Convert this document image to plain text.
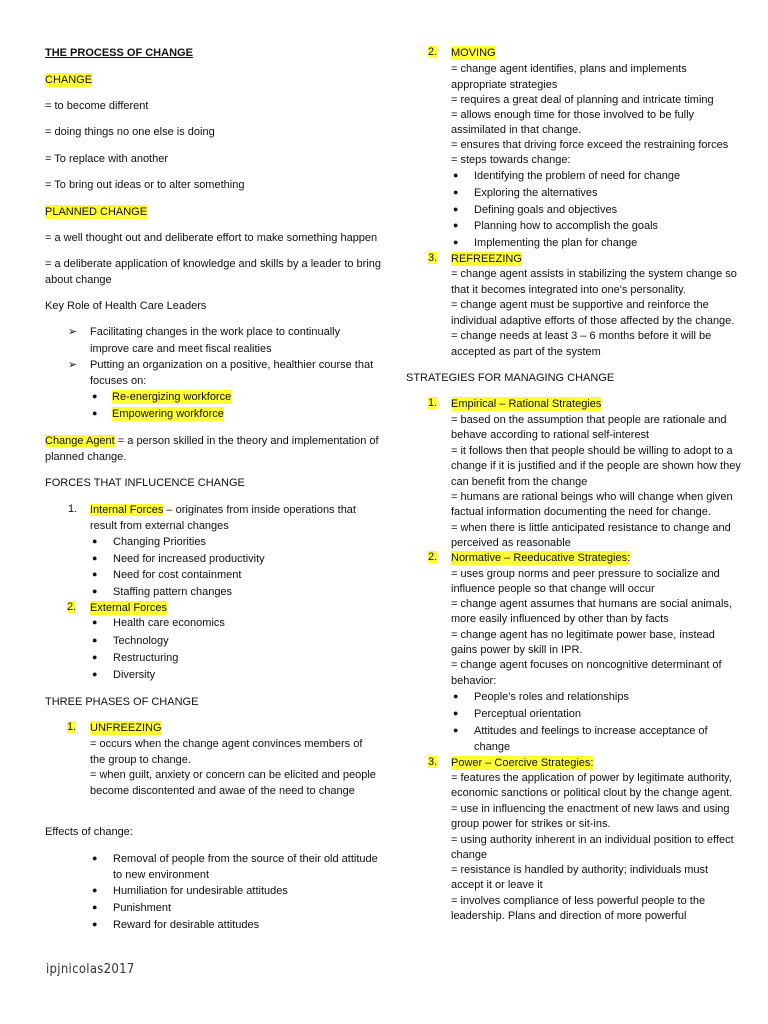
THE PROCESS OF CHANGE
CHANGE
= to become different
= doing things no one else is doing
= To replace with another
= To bring out ideas or to alter something
PLANNED CHANGE
= a well thought out and deliberate effort to make something happen
= a deliberate application of knowledge and skills by a leader to bring
about change
Key Role of Health Care Leaders
➢ Facilitating changes in the work place to continually
improve care and meet fiscal realities
➢ Putting an organization on a positive, healthier course that
focuses on:
● Re-energizing workforce
● Empowering workforce
Change Agent = a person skilled in the theory and implementation of
planned change.
FORCES THAT INFLUCENCE CHANGE
1. Internal Forces – originates from inside operations that
result from external changes
● Changing Priorities
● Need for increased productivity
● Need for cost containment
● Staffing pattern changes
2. External Forces
● Health care economics
● Technology
● Restructuring
● Diversity
THREE PHASES OF CHANGE
1. UNFREEZING
= occurs when the change agent convinces members of
the group to change.
= when guilt, anxiety or concern can be elicited and people
become discontented and awae of the need to change
Effects of change:
● Removal of people from the source of their old attitude
to new environment
● Humiliation for undesirable attitudes
● Punishment
● Reward for desirable attitudes
2. MOVING
= change agent identifies, plans and implements
appropriate strategies
= requires a great deal of planning and intricate timing
= allows enough time for those involved to be fully
assimilated in that change.
= ensures that driving force exceed the restraining forces
= steps towards change:
● Identifying the problem of need for change
● Exploring the alternatives
● Defining goals and objectives
● Planning how to accomplish the goals
● Implementing the plan for change
3. REFREEZING
= change agent assists in stabilizing the system change so
that it becomes integrated into one's personality.
= change agent must be supportive and reinforce the
individual adaptive efforts of those affected by the change.
= change needs at least 3 – 6 months before it will be
accepted as part of the system
STRATEGIES FOR MANAGING CHANGE
1. Empirical – Rational Strategies
= based on the assumption that people are rationale and
behave according to rational self-interest
= it follows then that people should be willing to adopt to a
change if it is justified and if the people are shown how they
can benefit from the change
= humans are rational beings who will change when given
factual information documenting the need for change.
= when there is little anticipated resistance to change and
perceived as reasonable
2. Normative – Reeducative Strategies:
= uses group norms and peer pressure to socialize and
influence people so that change will occur
= change agent assumes that humans are social animals,
more easily influenced by other than by facts
= change agent has no legitimate power base, instead
gains power by skill in IPR.
= change agent focuses on noncognitive determinant of
behavior:
● People's roles and relationships
● Perceptual orientation
● Attitudes and feelings to increase acceptance of
change
3. Power – Coercive Strategies:
= features the application of power by legitimate authority,
economic sanctions or political clout by the change agent.
= use in influencing the enactment of new laws and using
group power for strikes or sit-ins.
= using authority inherent in an individual position to effect
change
= resistance is handled by authority; individuals must
accept it or leave it
= involves compliance of less powerful people to the
leadership. Plans and direction of more powerful
ipjnicolas2017
